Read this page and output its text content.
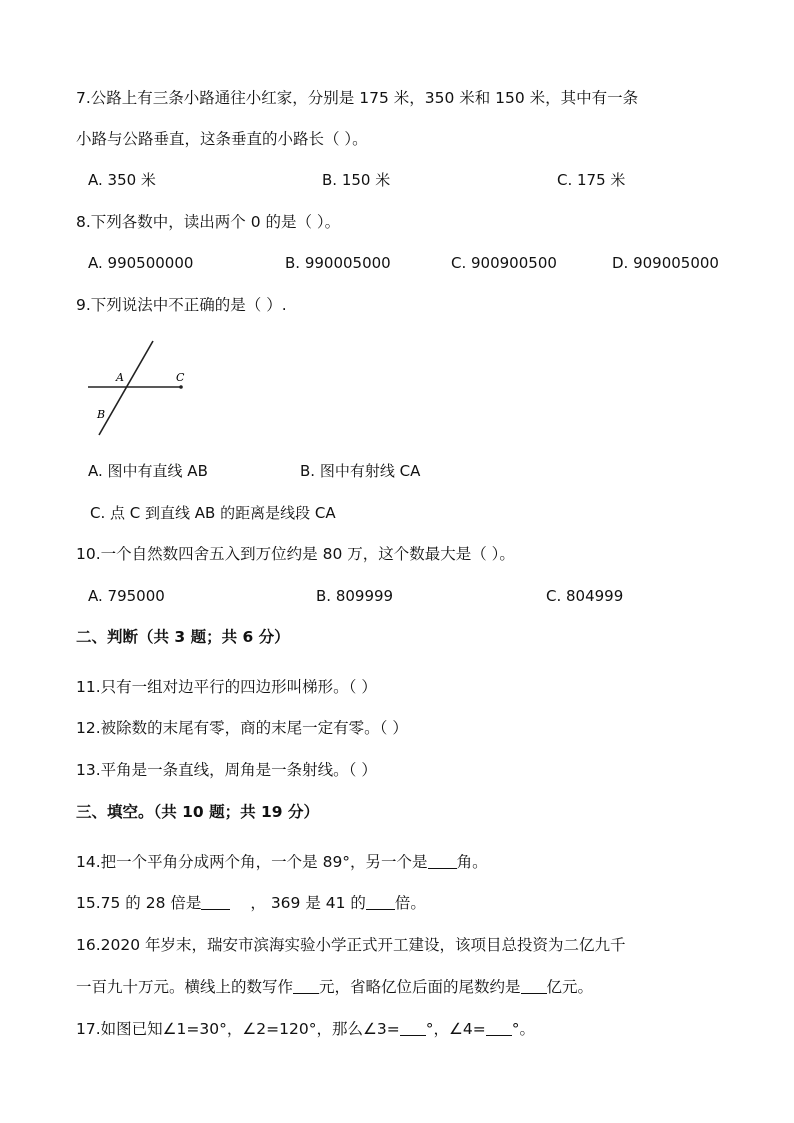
7.公路上有三条小路通往小红家，分别是 175 米，350 米和 150 米，其中有一条
小路与公路垂直，这条垂直的小路长（ ）。
A. 350 米	B. 150 米	C. 175 米
8.下列各数中，读出两个 0 的是（ ）。
A. 990500000	B. 990005000	C. 900900500	D. 909005000
9.下列说法中不正确的是（ ）.
A
B
C
A. 图中有直线 AB	B. 图中有射线 CA
C. 点 C 到直线 AB 的距离是线段 CA
10.一个自然数四舍五入到万位约是 80 万，这个数最大是（ ）。
A. 795000	B. 809999	C. 804999
二、判断（共 3 题；共 6 分）
11.只有一组对边平行的四边形叫梯形。（ ）
12.被除数的末尾有零，商的末尾一定有零。（ ）
13.平角是一条直线，周角是一条射线。（ ）
三、填空。（共 10 题；共 19 分）
14.把一个平角分成两个角，一个是 89°，另一个是 角。
15.75 的 28 倍是	， 369 是 41 的 倍。
16.2020 年岁末，瑞安市滨海实验小学正式开工建设，该项目总投资为二亿九千
一百九十万元。横线上的数写作 元，省略亿位后面的尾数约是 亿元。
17.如图已知∠1=30°，∠2=120°，那么∠3= °，∠4= °。
